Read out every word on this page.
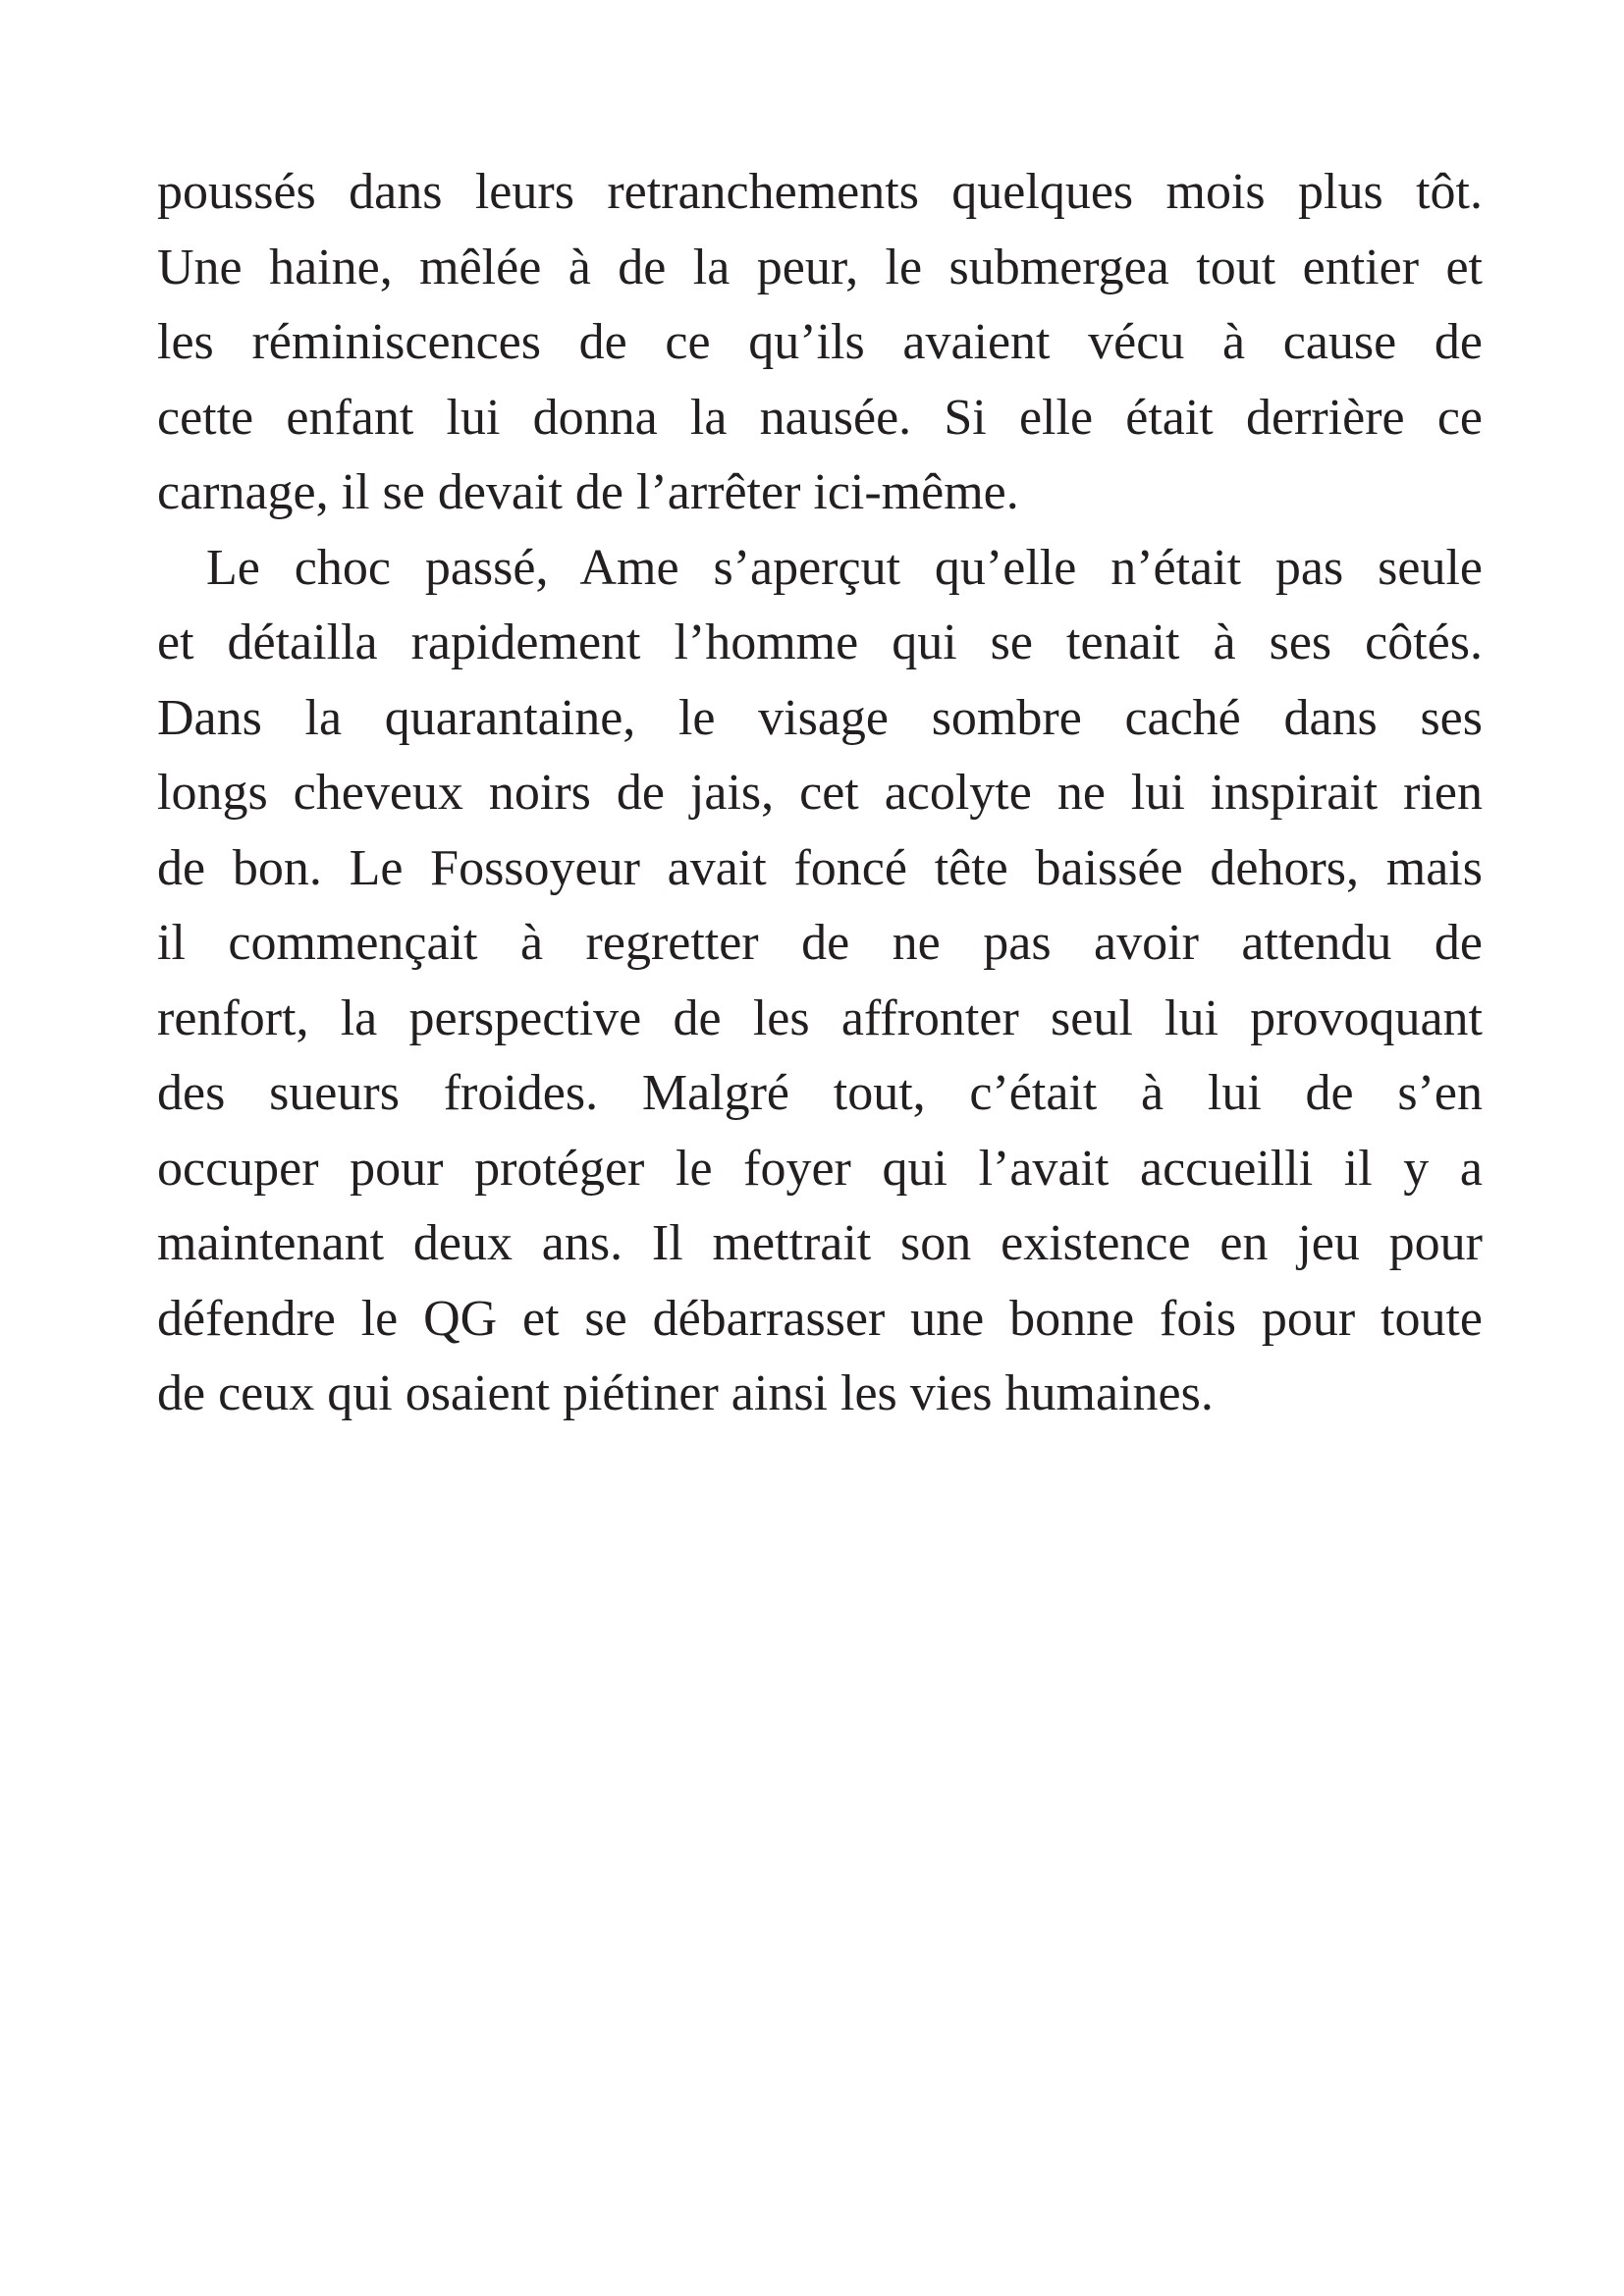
poussés dans leurs retranchements quelques mois plus tôt.
Une haine, mêlée à de la peur, le submergea tout entier et
les réminiscences de ce qu’ils avaient vécu à cause de
cette enfant lui donna la nausée. Si elle était derrière ce
carnage, il se devait de l’arrêter ici-même.

Le choc passé, Ame s’aperçut qu’elle n’était pas seule
et détailla rapidement l’homme qui se tenait à ses côtés.
Dans la quarantaine, le visage sombre caché dans ses
longs cheveux noirs de jais, cet acolyte ne lui inspirait rien
de bon. Le Fossoyeur avait foncé tête baissée dehors, mais
il commençait à regretter de ne pas avoir attendu de
renfort, la perspective de les affronter seul lui provoquant
des sueurs froides. Malgré tout, c’était à lui de s’en
occuper pour protéger le foyer qui l’avait accueilli il y a
maintenant deux ans. Il mettrait son existence en jeu pour
défendre le QG et se débarrasser une bonne fois pour toute
de ceux qui osaient piétiner ainsi les vies humaines.
